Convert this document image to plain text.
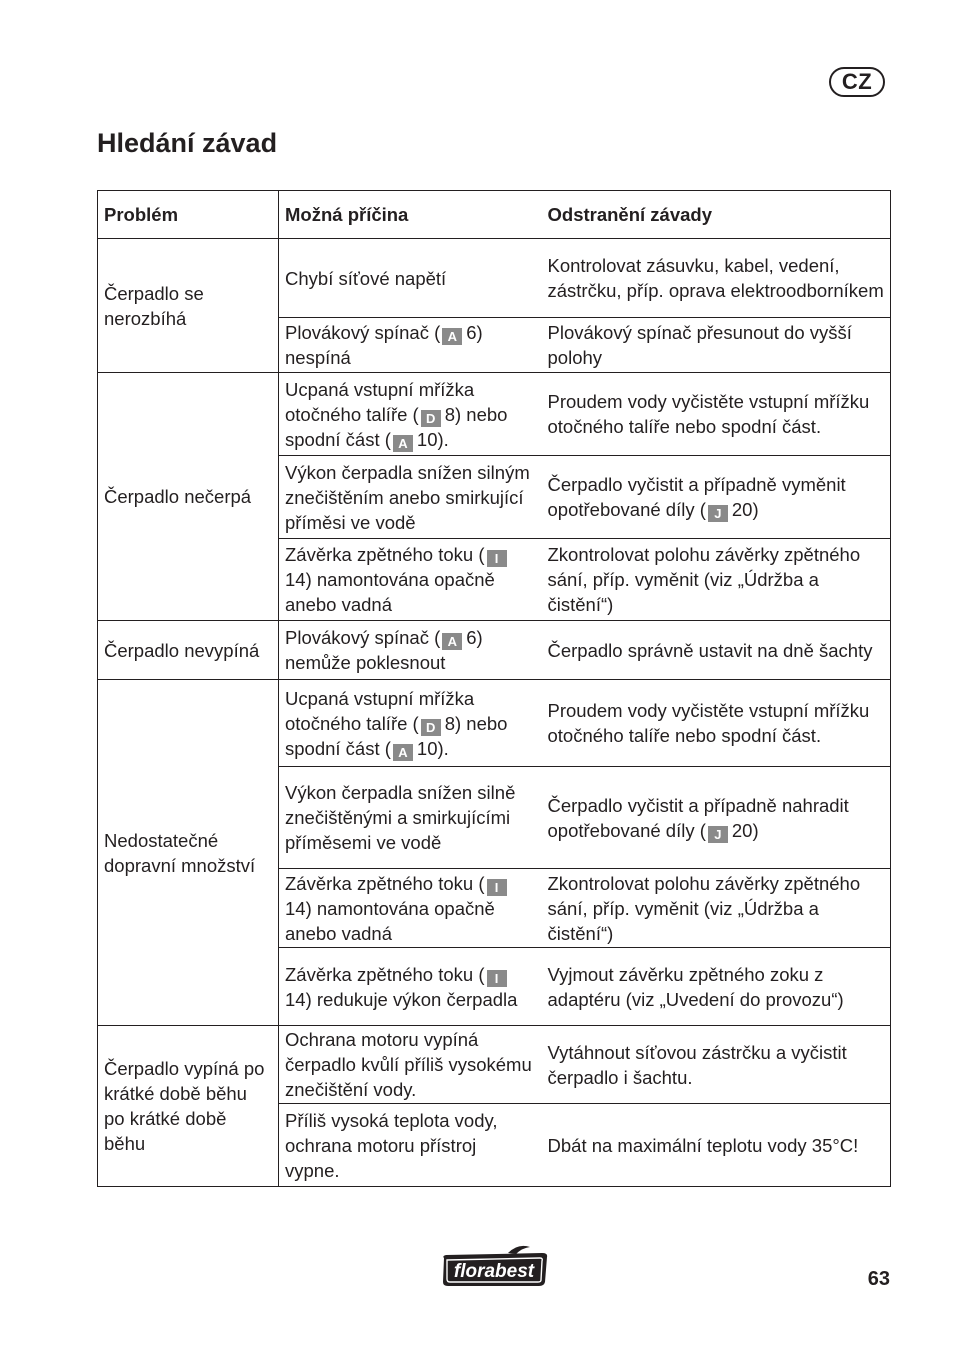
CZ
Hledání závad
Problém	Možná příčina	Odstranění závady
Čerpadlo se nerozbíhá	Chybí síťové napětí	Kontrolovat zásuvku, kabel, vedení, zástrčku, příp. oprava elektroodborníkem
	Plovákový spínač ( A 6) nespíná	Plovákový spínač přesunout do vyšší polohy
Čerpadlo nečerpá	Ucpaná vstupní mřížka otočného talíře ( D 8) nebo spodní část ( A 10).	Proudem vody vyčistěte vstupní mřížku otočného talíře nebo spodní část.
	Výkon čerpadla snížen silným znečištěním anebo smirkující příměsi ve vodě	Čerpadlo vyčistit a případně vyměnit opotřebované díly ( J 20)
	Závěrka zpětného toku ( I14) namontována opačně anebo vadná	Zkontrolovat polohu závěrky zpětného sání, příp. vyměnit (viz „Údržba a čistění“)
Čerpadlo nevypíná	Plovákový spínač ( A 6) nemůže poklesnout	Čerpadlo správně ustavit na dně šachty
Nedostatečné dopravní množství	Ucpaná vstupní mřížka otočného talíře ( D 8) nebo spodní část ( A 10).	Proudem vody vyčistěte vstupní mřížku otočného talíře nebo spodní část.
	Výkon čerpadla snížen silně znečištěnými a smirkujícími příměsemi ve vodě	Čerpadlo vyčistit a případně nahradit opotřebované díly ( J 20)
	Závěrka zpětného toku ( I14) namontována opačně anebo vadná	Zkontrolovat polohu závěrky zpětného sání, příp. vyměnit (viz „Údržba a čistění“)
	Závěrka zpětného toku ( I14) redukuje výkon čerpadla	Vyjmout závěrku zpětného zoku z adaptéru (viz „Uvedení do provozu“)
Čerpadlo vypíná po krátké době běhu po krátké době běhu	Ochrana motoru vypíná čerpadlo kvůlí příliš vysokému znečištění vody.	Vytáhnout síťovou zástrčku a vyčistit čerpadlo i šachtu.
	Příliš vysoká teplota vody, ochrana motoru přístroj vypne.	Dbát na maximální teplotu vody 35°C!
florabest	63
